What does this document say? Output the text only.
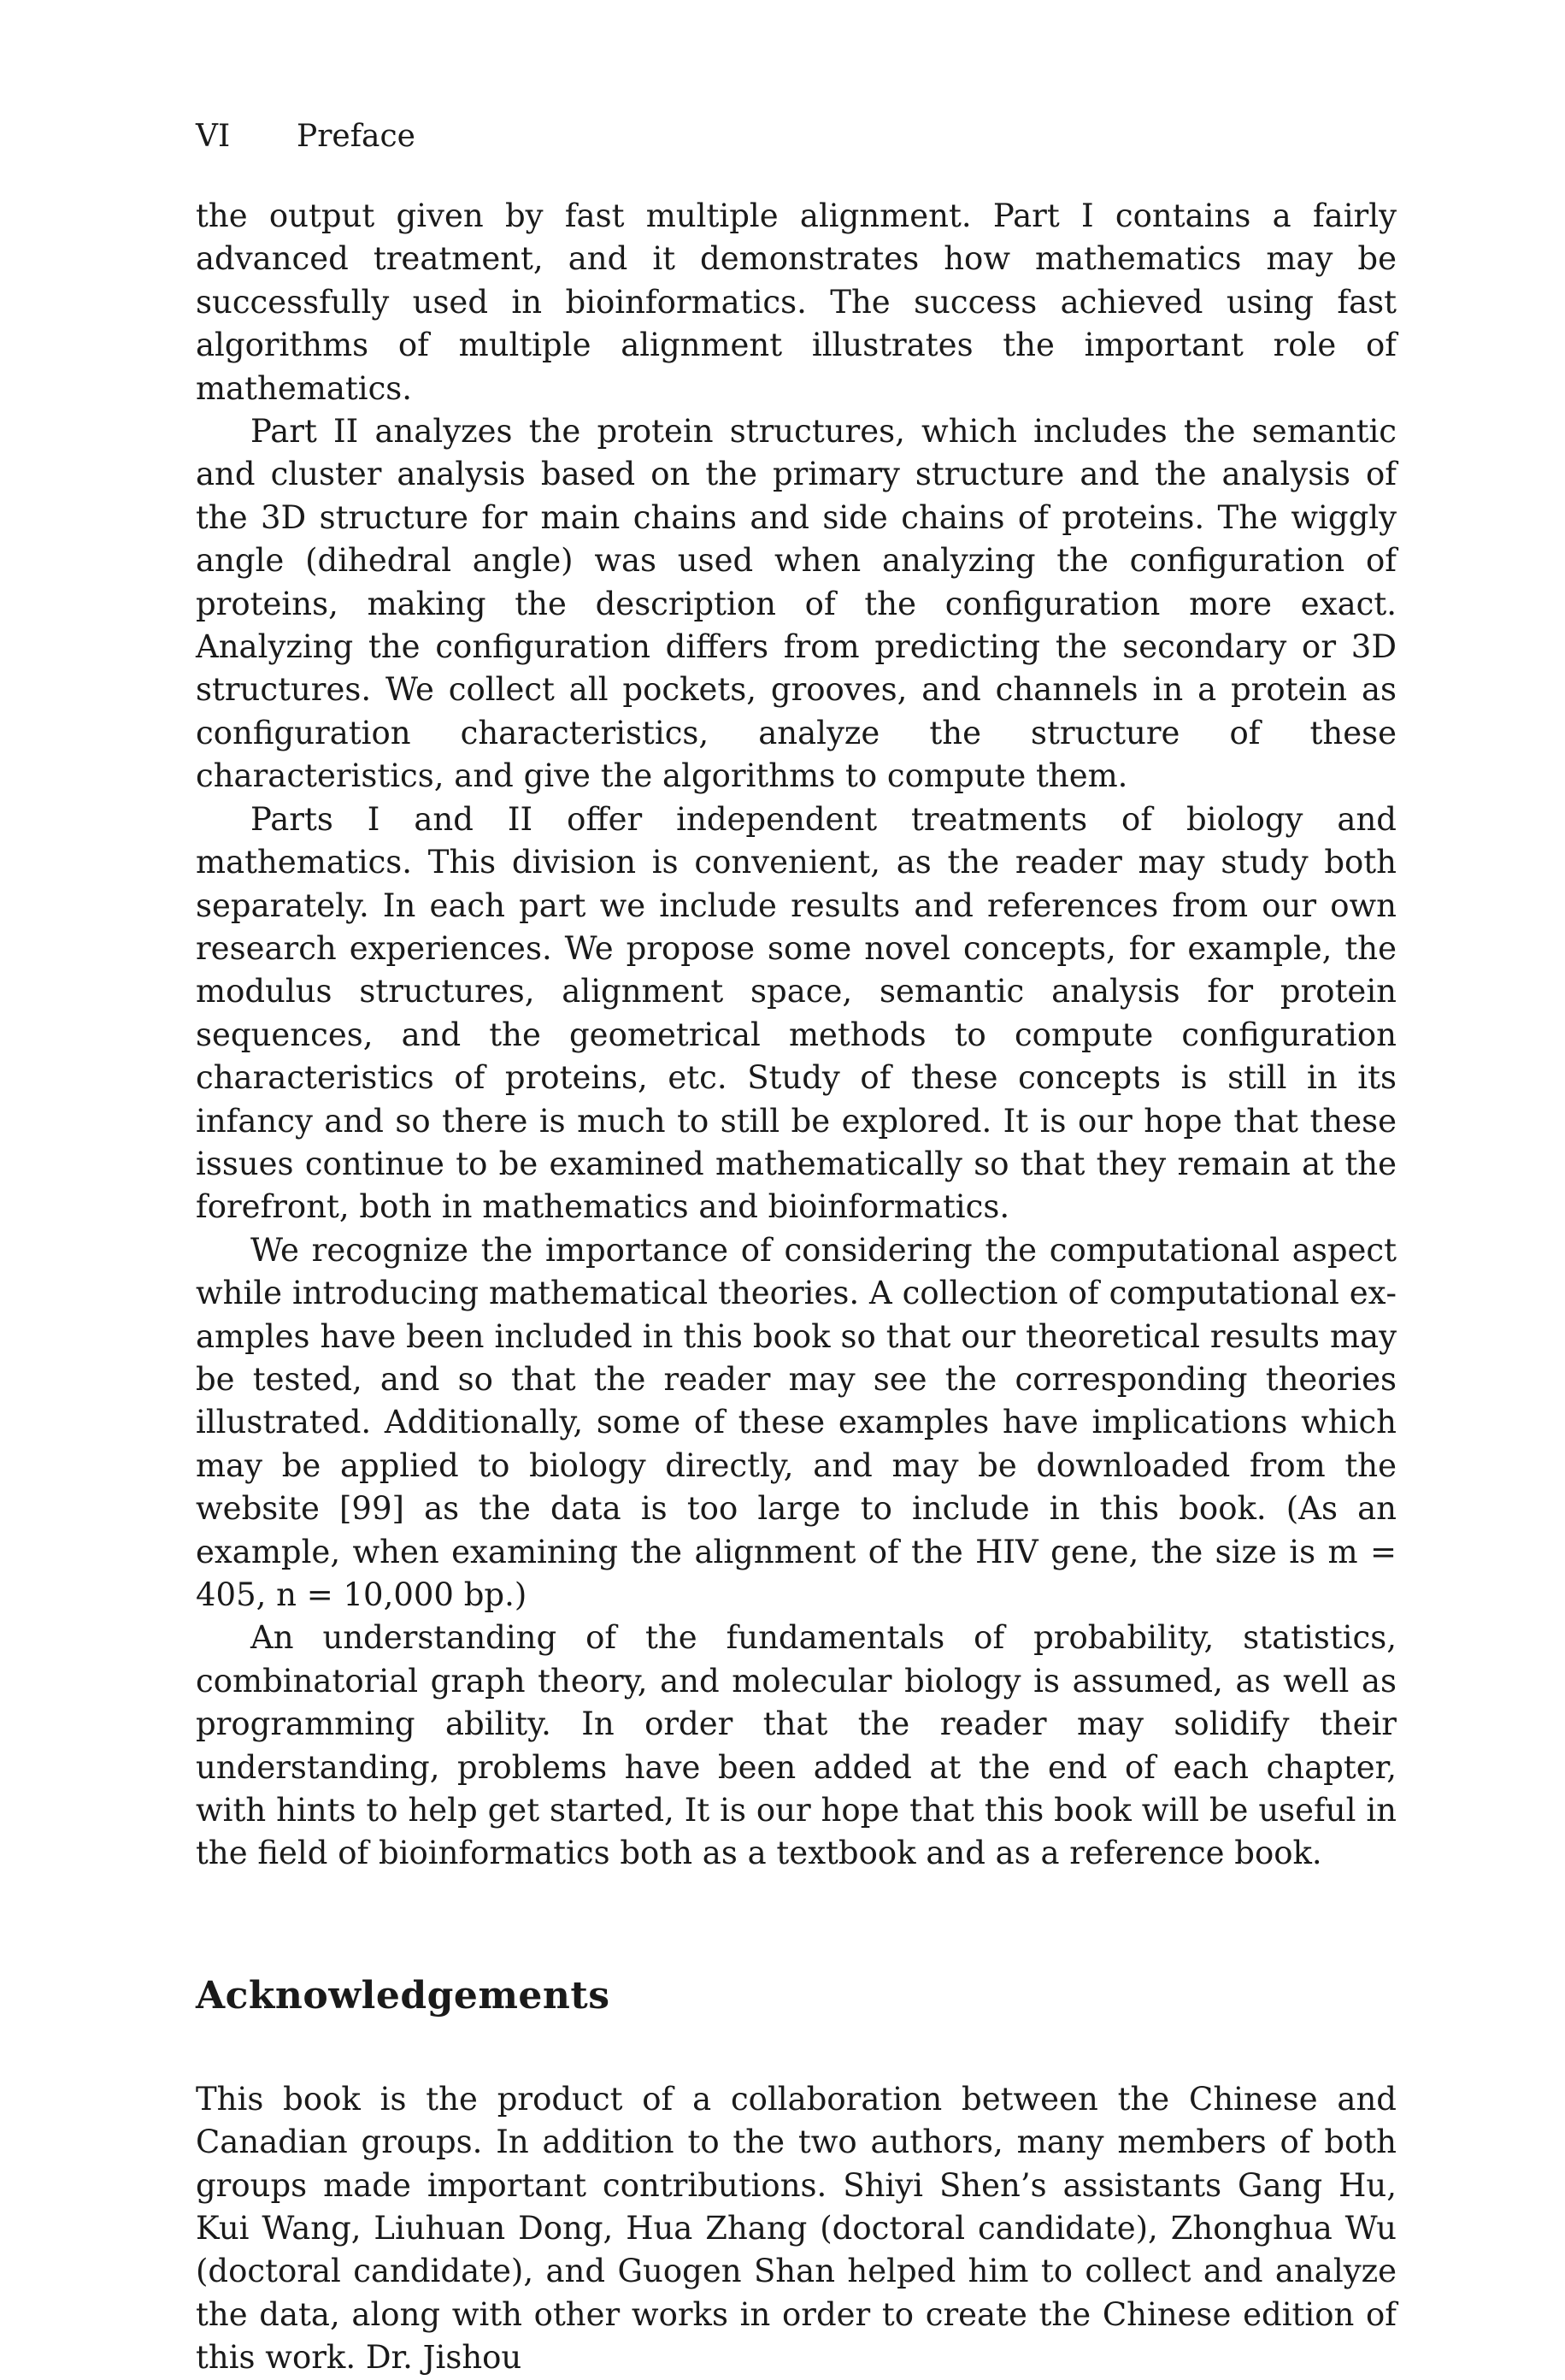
VI	Preface

the output given by fast multiple alignment. Part I contains a fairly advanced treatment, and it demonstrates how mathematics may be successfully used in bioinformatics. The success achieved using fast algorithms of multiple alignment illustrates the important role of mathematics.

Part II analyzes the protein structures, which includes the semantic and cluster analysis based on the primary structure and the analysis of the 3D structure for main chains and side chains of proteins. The wiggly angle (dihedral angle) was used when analyzing the configuration of proteins, making the description of the configuration more exact. Analyzing the configuration differs from predicting the secondary or 3D structures. We collect all pockets, grooves, and channels in a protein as configuration characteristics, analyze the structure of these characteristics, and give the algorithms to compute them.

Parts I and II offer independent treatments of biology and mathematics. This division is convenient, as the reader may study both separately. In each part we include results and references from our own research experiences. We propose some novel concepts, for example, the modulus structures, alignment space, semantic analysis for protein sequences, and the geometrical methods to compute configuration characteristics of proteins, etc. Study of these concepts is still in its infancy and so there is much to still be explored. It is our hope that these issues continue to be examined mathematically so that they remain at the forefront, both in mathematics and bioinformatics.

We recognize the importance of considering the computational aspect while introducing mathematical theories. A collection of computational examples have been included in this book so that our theoretical results may be tested, and so that the reader may see the corresponding theories illustrated. Additionally, some of these examples have implications which may be applied to biology directly, and may be downloaded from the website [99] as the data is too large to include in this book. (As an example, when examining the alignment of the HIV gene, the size is m = 405, n = 10,000 bp.)

An understanding of the fundamentals of probability, statistics, combinatorial graph theory, and molecular biology is assumed, as well as programming ability. In order that the reader may solidify their understanding, problems have been added at the end of each chapter, with hints to help get started, It is our hope that this book will be useful in the field of bioinformatics both as a textbook and as a reference book.

Acknowledgements

This book is the product of a collaboration between the Chinese and Canadian groups. In addition to the two authors, many members of both groups made important contributions. Shiyi Shen’s assistants Gang Hu, Kui Wang, Liuhuan Dong, Hua Zhang (doctoral candidate), Zhonghua Wu (doctoral candidate), and Guogen Shan helped him to collect and analyze the data, along with other works in order to create the Chinese edition of this work. Dr. Jishou
